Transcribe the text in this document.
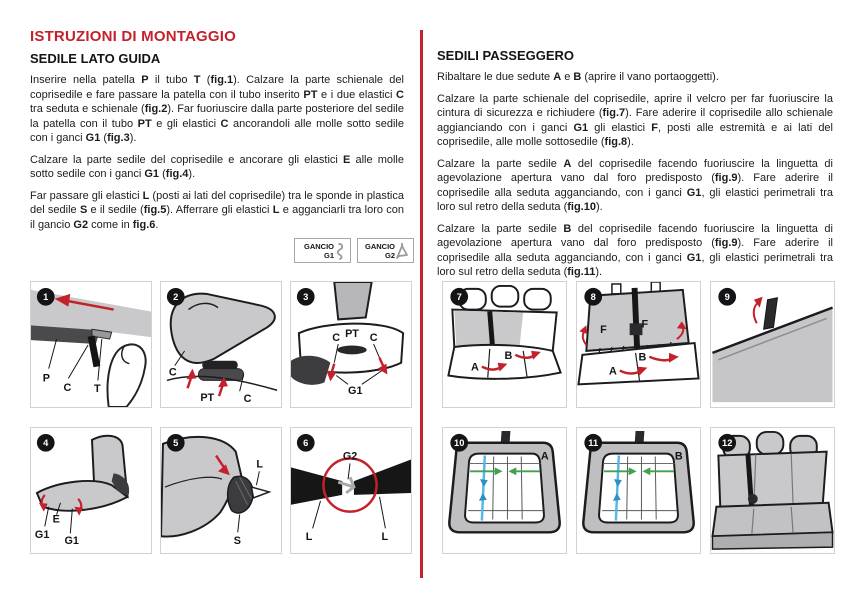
ISTRUZIONI DI MONTAGGIO
SEDILE LATO GUIDA

Inserire nella patella P il tubo T (fig.1). Calzare la parte schienale del coprisedile e fare passare la patella con il tubo inserito PT e i due elastici C tra seduta e schienale (fig.2). Far fuoriuscire dalla parte posteriore del sedile la patella con il tubo PT e gli elastici C ancorandoli alle molle sotto sedile con i ganci G1 (fig.3).

Calzare la parte sedile del coprisedile e ancorare gli elastici E alle molle sotto sedile con i ganci G1 (fig.4).

Far passare gli elastici L (posti ai lati del coprisedile) tra le sponde in plastica del sedile S e il sedile (fig.5). Afferrare gli elastici L e agganciarli tra loro con il gancio G2 come in fig.6.

SEDILI PASSEGGERO

Ribaltare le due sedute A e B (aprire il vano portaoggetti).

Calzare la parte schienale del coprisedile, aprire il velcro per far fuoriuscire la cintura di sicurezza e richiudere (fig.7). Fare aderire il coprisedile allo schienale aggianciando con i ganci G1 gli elastici F, posti alle estremità e ai lati del coprisedile, alle molle sottosedile (fig.8).

Calzare la parte sedile A del coprisedile facendo fuoriuscire la linguetta di agevolazione apertura vano dal foro predisposto (fig.9). Fare aderire il coprisedile alla seduta agganciando, con i ganci G1, gli elastici perimetrali tra loro sul retro della seduta (fig.10).

Calzare la parte sedile B del coprisedile facendo fuoriuscire la linguetta di agevolazione apertura vano dal foro predisposto (fig.9). Fare aderire il coprisedile alla seduta agganciando, con i ganci G1, gli elastici perimetrali tra loro sul retro della seduta (fig.11).

GANCIO
G1
GANCIO
G2
P
C T
1
C
PT	C
2
C PT C
G1
3
G1
E
G1
4
L
S
5
G2
L	L
6
A
B
7
F	F
A
B
8	9
A
10
B
11	12
